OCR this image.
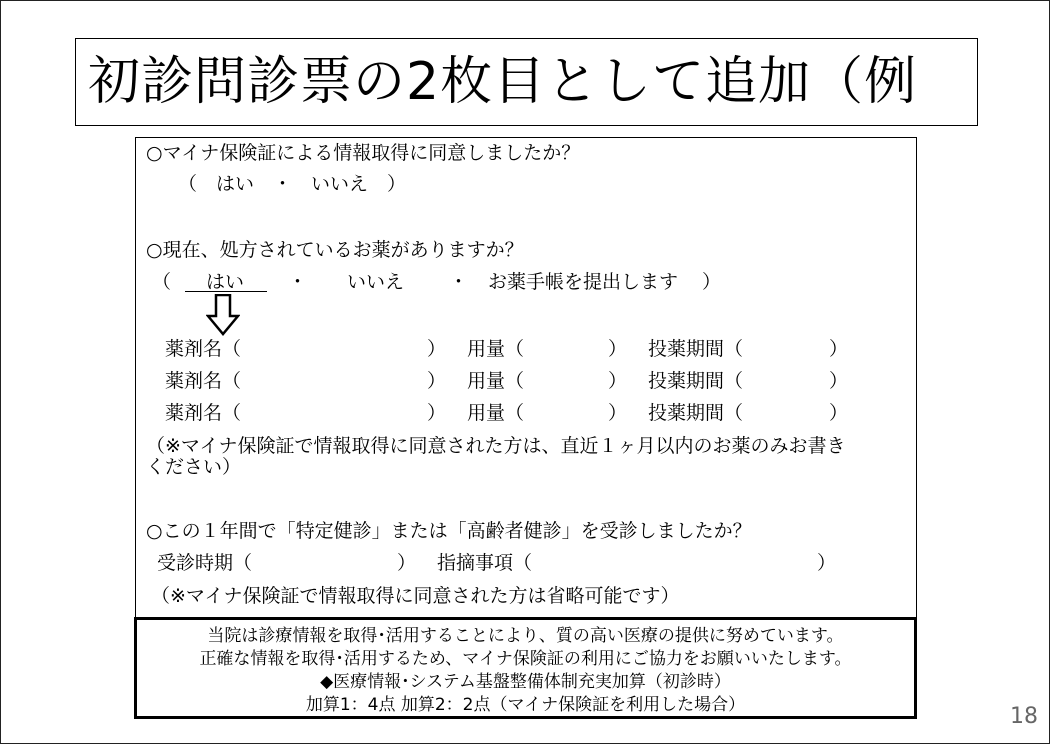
初診問診票の2枚目として追加（例
○マイナ保険証による情報取得に同意しましたか？
（　はい　・　いいえ　）
○現在、処方されているお薬がありますか？
（ はい ・ いいえ ・ お薬手帳を提出します ）
薬剤名（	） 用量（	） 投薬期間（	）
薬剤名（	） 用量（	） 投薬期間（	）
薬剤名（	） 用量（	） 投薬期間（	）
（※マイナ保険証で情報取得に同意された方は、直近１ヶ月以内のお薬のみお書き
ください）
○この１年間で「特定健診」または「高齢者健診」を受診しましたか？
受診時期（	） 指摘事項（	）
（※マイナ保険証で情報取得に同意された方は省略可能です）
当院は診療情報を取得･活用することにより、質の高い医療の提供に努めています。
正確な情報を取得･活用するため、マイナ保険証の利用にご協力をお願いいたします。
◆医療情報･システム基盤整備体制充実加算（初診時）
加算1：4点 加算2：2点（マイナ保険証を利用した場合）	18
